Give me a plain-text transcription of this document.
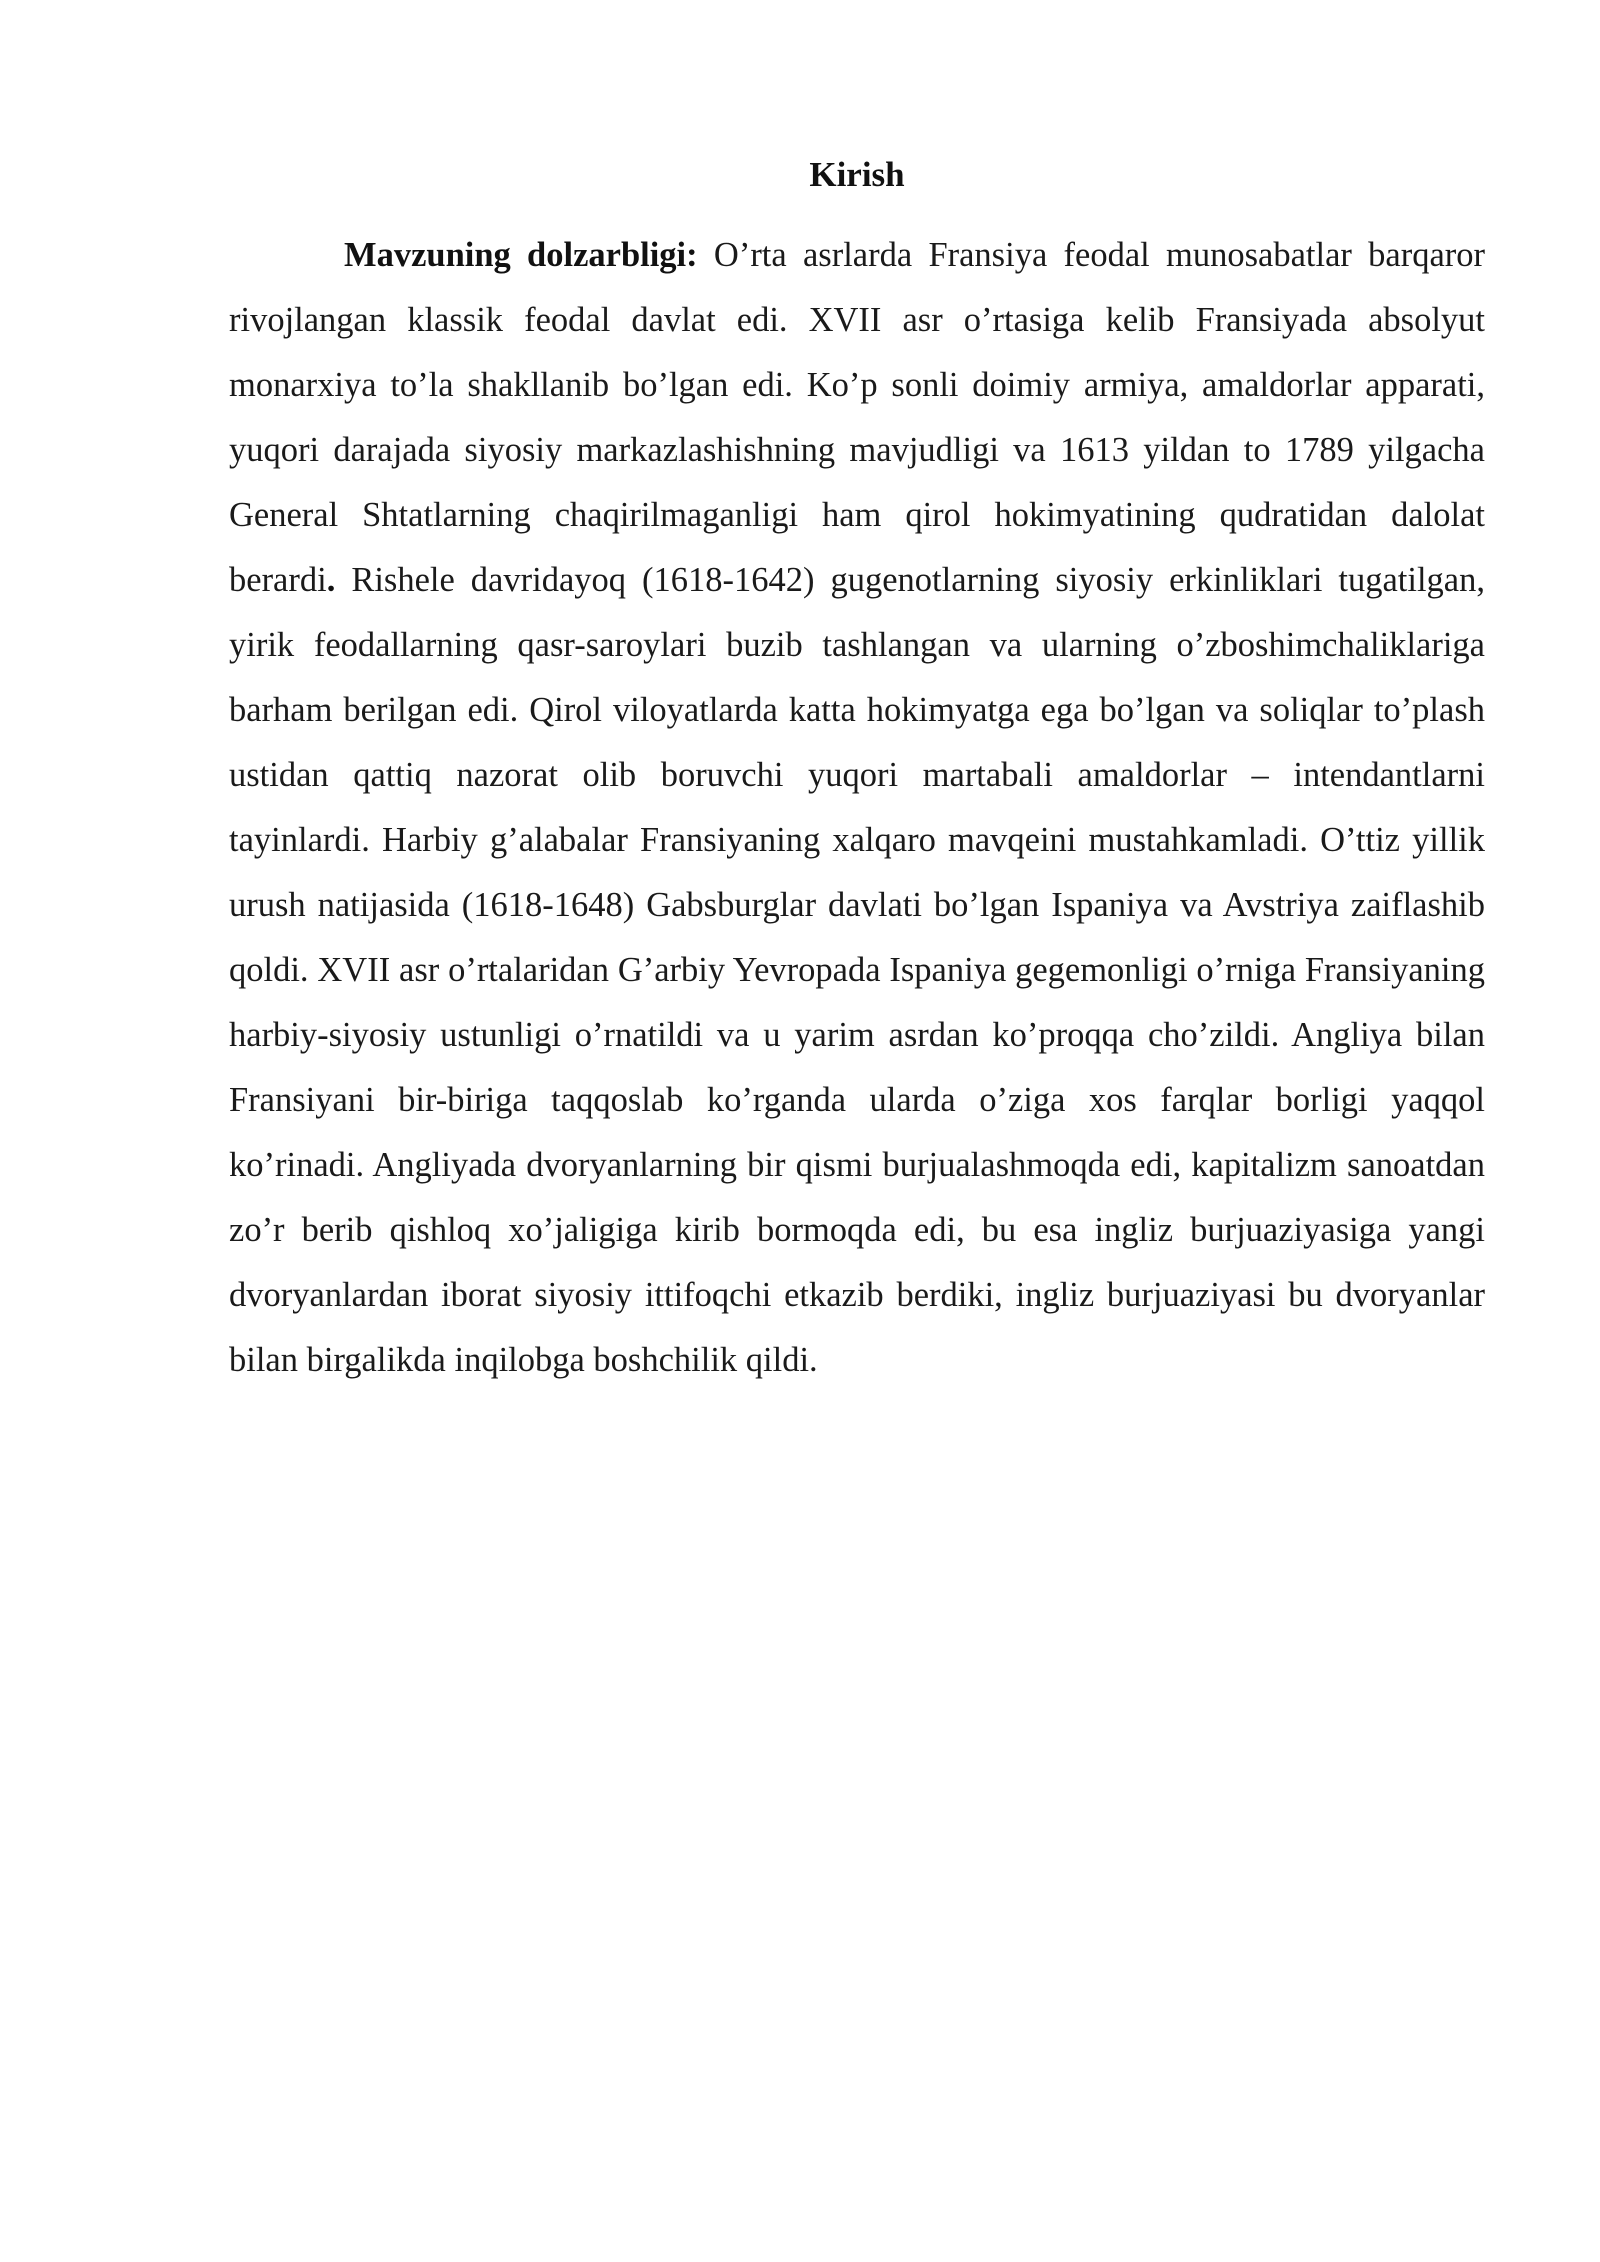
Kirish

Mavzuning dolzarbligi: O’rta asrlarda Fransiya feodal munosabatlar barqaror rivojlangan klassik feodal davlat edi. XVII asr o’rtasiga kelib Fransiyada absolyut monarxiya to’la shakllanib bo’lgan edi. Ko’p sonli doimiy armiya, amaldorlar apparati, yuqori darajada siyosiy markazlashishning mavjudligi va 1613 yildan to 1789 yilgacha General Shtatlarning chaqirilmaganligi ham qirol hokimyatining qudratidan dalolat berardi. Rishele davridayoq (1618-1642) gugenotlarning siyosiy erkinliklari tugatilgan, yirik feodallarning qasr-saroylari buzib tashlangan va ularning o’zboshimchaliklariga barham berilgan edi. Qirol viloyatlarda katta hokimyatga ega bo’lgan va soliqlar to’plash ustidan qattiq nazorat olib boruvchi yuqori martabali amaldorlar – intendantlarni tayinlardi. Harbiy g’alabalar Fransiyaning xalqaro mavqeini mustahkamladi. O’ttiz yillik urush natijasida (1618-1648) Gabsburglar davlati bo’lgan Ispaniya va Avstriya zaiflashib qoldi. XVII asr o’rtalaridan G’arbiy Yevropada Ispaniya gegemonligi o’rniga Fransiyaning harbiy-siyosiy ustunligi o’rnatildi va u yarim asrdan ko’proqqa cho’zildi. Angliya bilan Fransiyani bir-biriga taqqoslab ko’rganda ularda o’ziga xos farqlar borligi yaqqol ko’rinadi. Angliyada dvoryanlarning bir qismi burjualashmoqda edi, kapitalizm sanoatdan zo’r berib qishloq xo’jaligiga kirib bormoqda edi, bu esa ingliz burjuaziyasiga yangi dvoryanlardan iborat siyosiy ittifoqchi etkazib berdiki, ingliz burjuaziyasi bu dvoryanlar bilan birgalikda inqilobga boshchilik qildi.
